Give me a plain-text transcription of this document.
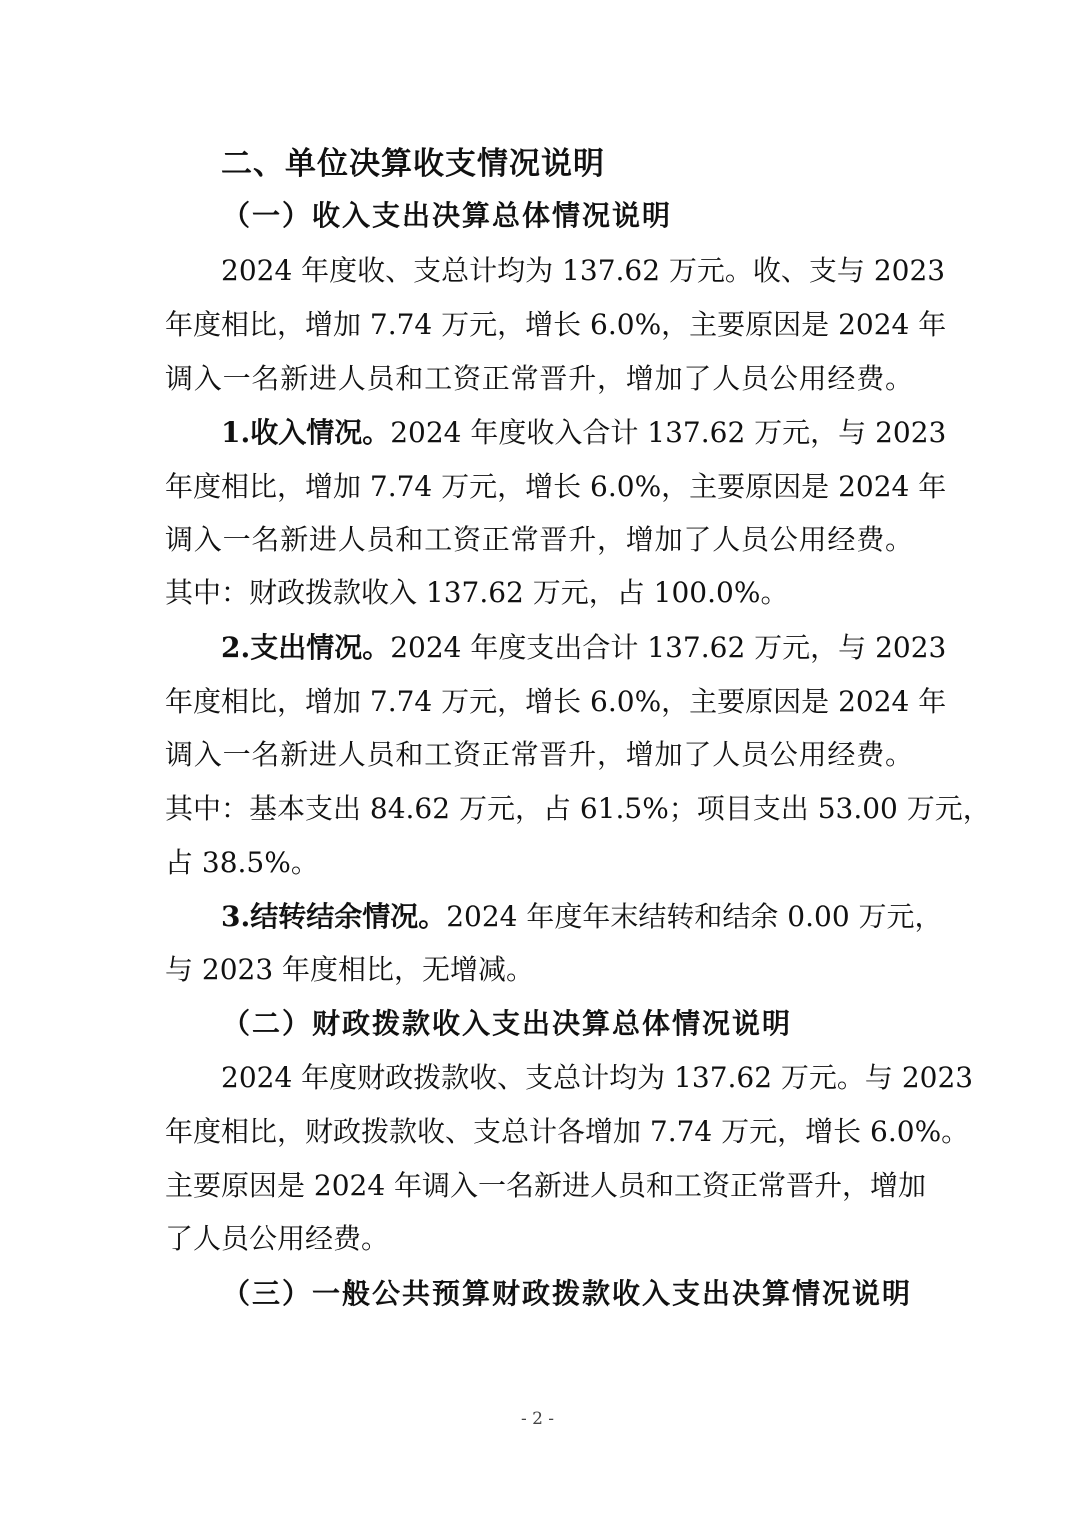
二、单位决算收支情况说明
（一）收入支出决算总体情况说明
2024 年度收、支总计均为 137.62 万元。收、支与 2023
年度相比，增加 7.74 万元，增长 6.0%，主要原因是 2024 年
调入一名新进人员和工资正常晋升，增加了人员公用经费。
1.收入情况。 2024 年度收入合计 137.62 万元，与 2023
年度相比，增加 7.74 万元，增长 6.0%，主要原因是 2024 年
调入一名新进人员和工资正常晋升，增加了人员公用经费。
其中：财政拨款收入 137.62 万元，占 100.0%。
2.支出情况。 2024 年度支出合计 137.62 万元，与 2023
年度相比，增加 7.74 万元，增长 6.0%，主要原因是 2024 年
调入一名新进人员和工资正常晋升，增加了人员公用经费。
其中：基本支出 84.62 万元，占 61.5%；项目支出 53.00 万元，
占 38.5%。
3.结转结余情况。 2024 年度年末结转和结余 0.00 万元，
与 2023 年度相比，无增减。
（二）财政拨款收入支出决算总体情况说明
2024 年度财政拨款收、支总计均为 137.62 万元。与 2023
年度相比，财政拨款收、支总计各增加 7.74 万元，增长 6.0%。
主要原因是 2024 年调入一名新进人员和工资正常晋升，增加
了人员公用经费。
（三）一般公共预算财政拨款收入支出决算情况说明
- 2 -
